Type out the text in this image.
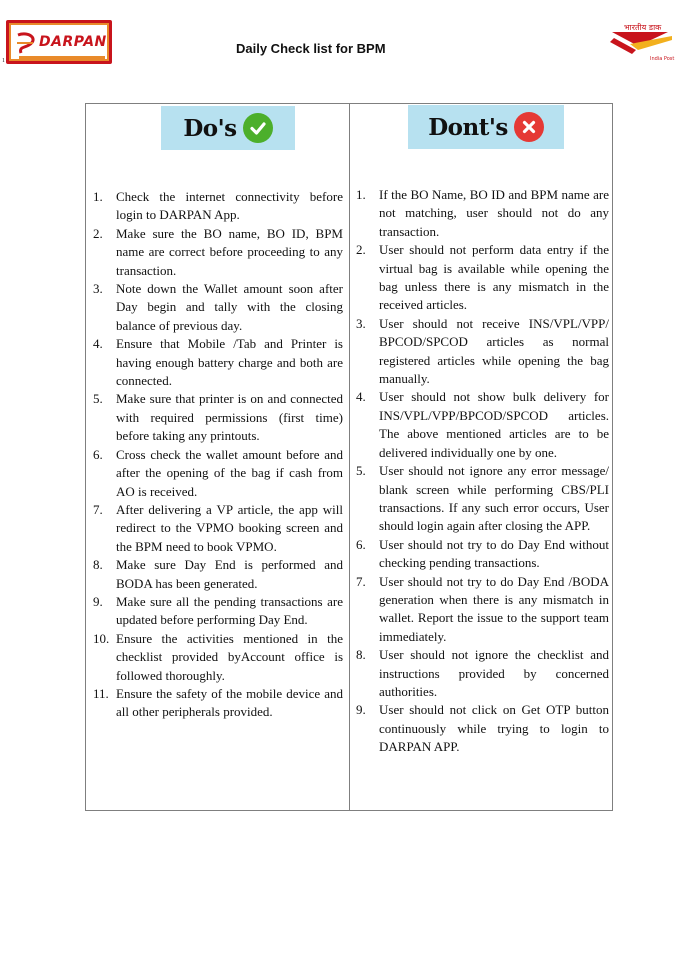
1
DARPAN	Daily Check list for BPM
भारतीय डाक
India Post
Do's
1.	Check the internet connectivity before login to DARPAN App.
2.	Make sure the BO name, BO ID, BPM name are correct before proceeding to any transaction.
3.	Note down the Wallet amount soon after Day begin and tally with the closing balance of previous day.
4.	Ensure that Mobile /Tab and Printer is having enough battery charge and both are connected.
5.	Make sure that printer is on and connected with required permissions (first time) before taking any printouts.
6.	Cross check the wallet amount before and after the opening of the bag if cash from AO is received.
7.	After delivering a VP article, the app will redirect to the VPMO booking screen and the BPM need to book VPMO.
8.	Make sure Day End is performed and BODA has been generated.
9.	Make sure all the pending transactions are updated before performing Day End.
10. Ensure the activities mentioned in the checklist provided byAccount office is followed thoroughly.
11. Ensure the safety of the mobile device and all other peripherals provided.
Dont's
1.	If the BO Name, BO ID and BPM name are not matching, user should not do any transaction.
2.	User should not perform data entry if the virtual bag is available while opening the bag unless there is any mismatch in the received articles.
3.	User should not receive INS/VPL/VPP/ BPCOD/SPCOD articles as normal registered articles while opening the bag manually.
4.	User should not show bulk delivery for INS/VPL/VPP/BPCOD/SPCOD articles. The above mentioned articles are to be delivered individually one by one.
5.	User should not ignore any error message/ blank screen while performing CBS/PLI transactions. If any such error occurs, User should login again after closing the APP.
6.	User should not try to do Day End without checking pending transactions.
7.	User should not try to do Day End /BODA generation when there is any mismatch in wallet. Report the issue to the support team immediately.
8.	User should not ignore the checklist and instructions provided by concerned authorities.
9.	User should not click on Get OTP button continuously while trying to login to DARPAN APP.
